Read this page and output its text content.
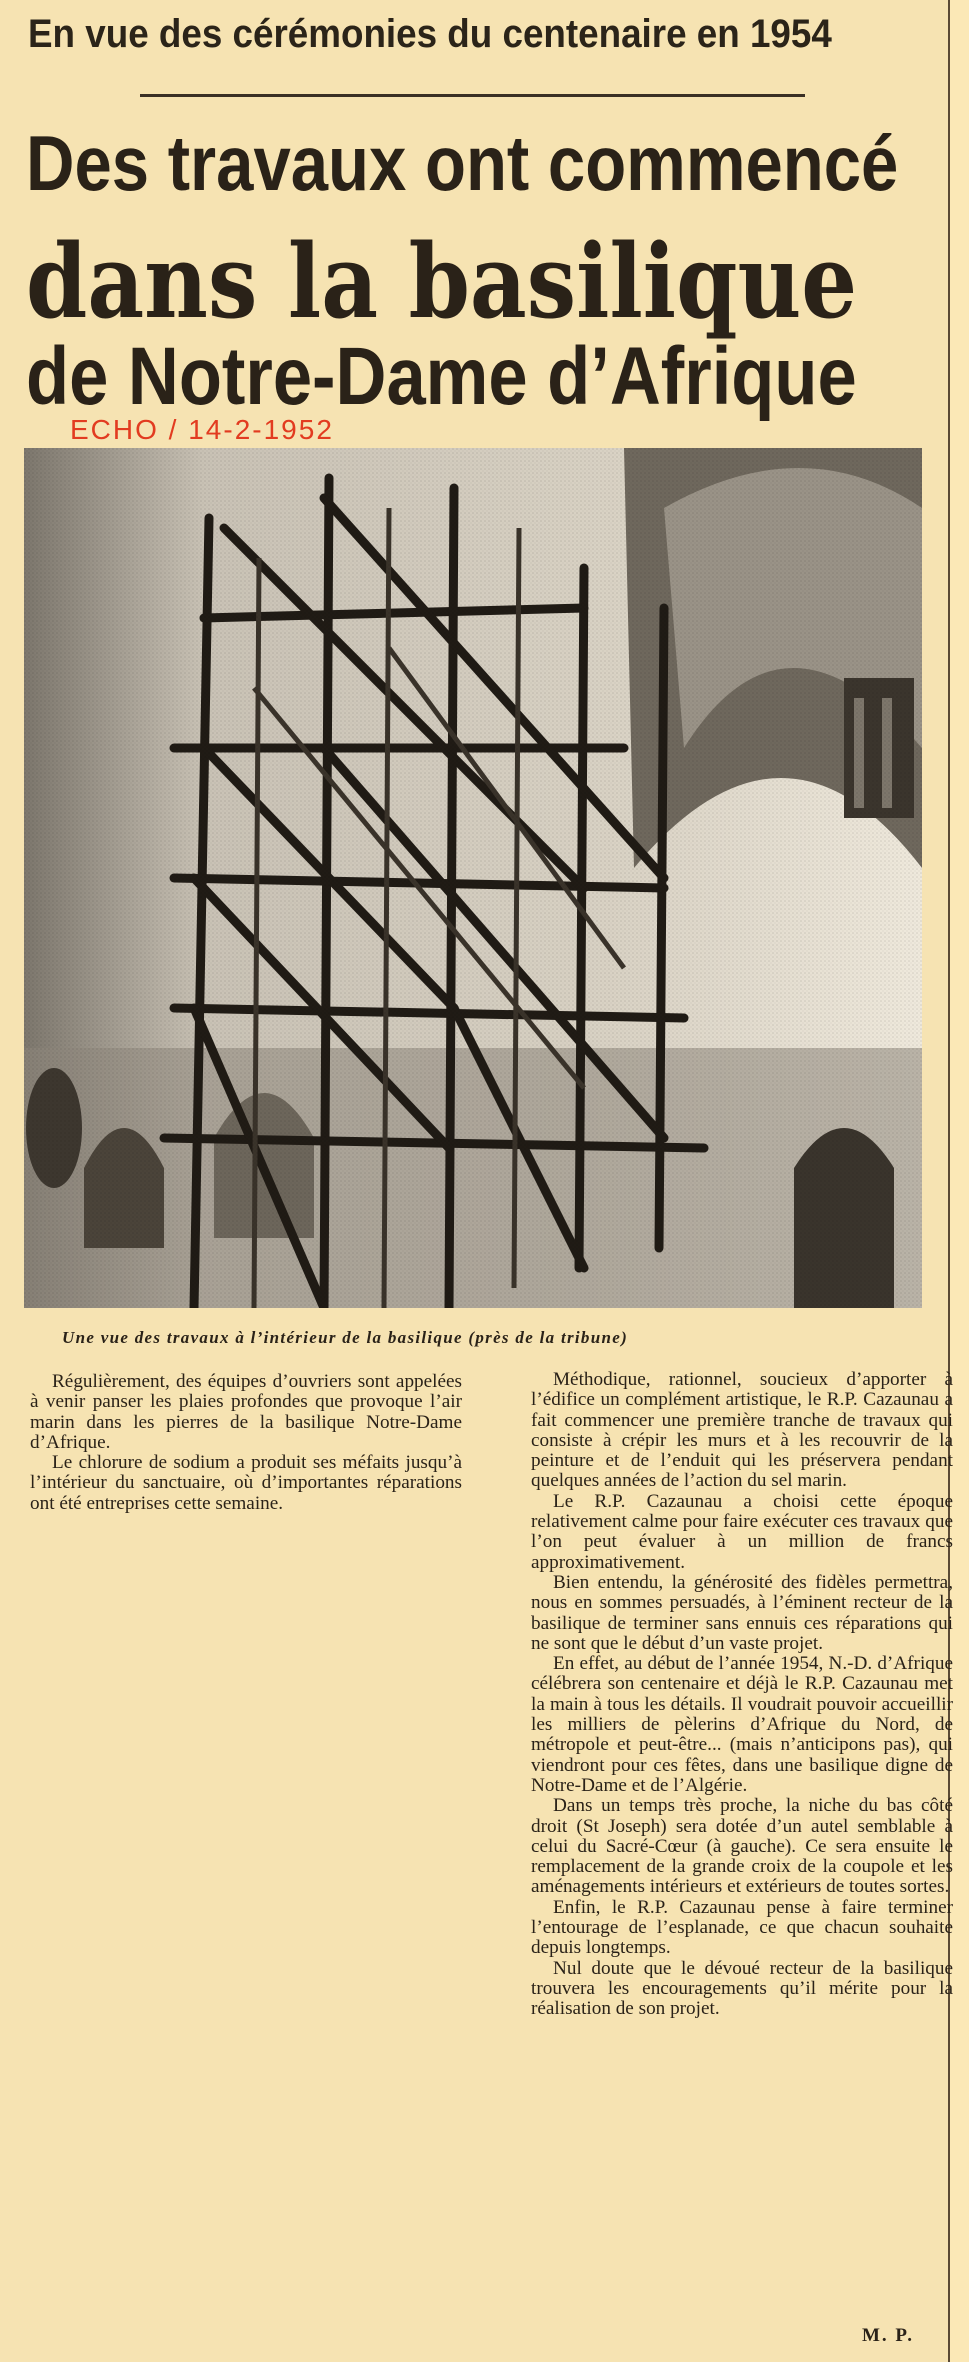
En vue des cérémonies du centenaire en 1954
Des travaux ont commencé
dans la basilique
de Notre-Dame d’Afrique
ECHO / 14-2-1952
Une vue des travaux à l’intérieur de la basilique (près de la tribune)

Régulièrement, des équipes d’ouvriers sont appelées à venir panser les plaies profondes que provoque l’air marin dans les pierres de la basilique Notre-Dame d’Afrique.

Le chlorure de sodium a produit ses méfaits jusqu’à l’intérieur du sanctuaire, où d’importantes réparations ont été entreprises cette semaine.

Méthodique, rationnel, soucieux d’apporter à l’édifice un complément artistique, le R.P. Cazaunau a fait commencer une première tranche de travaux qui consiste à crépir les murs et à les recouvrir de la peinture et de l’enduit qui les préservera pendant quelques années de l’action du sel marin.

Le R.P. Cazaunau a choisi cette époque relativement calme pour faire exécuter ces travaux que l’on peut évaluer à un million de francs approximativement.

Bien entendu, la générosité des fidèles permettra, nous en sommes persuadés, à l’éminent recteur de la basilique de terminer sans ennuis ces réparations qui ne sont que le début d’un vaste projet.

En effet, au début de l’année 1954, N.-D. d’Afrique célébrera son centenaire et déjà le R.P. Cazaunau met la main à tous les détails. Il voudrait pouvoir accueillir les milliers de pèlerins d’Afrique du Nord, de métropole et peut-être... (mais n’anticipons pas), qui viendront pour ces fêtes, dans une basilique digne de Notre-Dame et de l’Algérie.

Dans un temps très proche, la niche du bas côté droit (St Joseph) sera dotée d’un autel semblable à celui du Sacré-Cœur (à gauche). Ce sera ensuite le remplacement de la grande croix de la coupole et les aménagements intérieurs et extérieurs de toutes sortes.

Enfin, le R.P. Cazaunau pense à faire terminer l’entourage de l’esplanade, ce que chacun souhaite depuis longtemps.

Nul doute que le dévoué recteur de la basilique trouvera les encouragements qu’il mérite pour la réalisation de son projet.

M. P.
